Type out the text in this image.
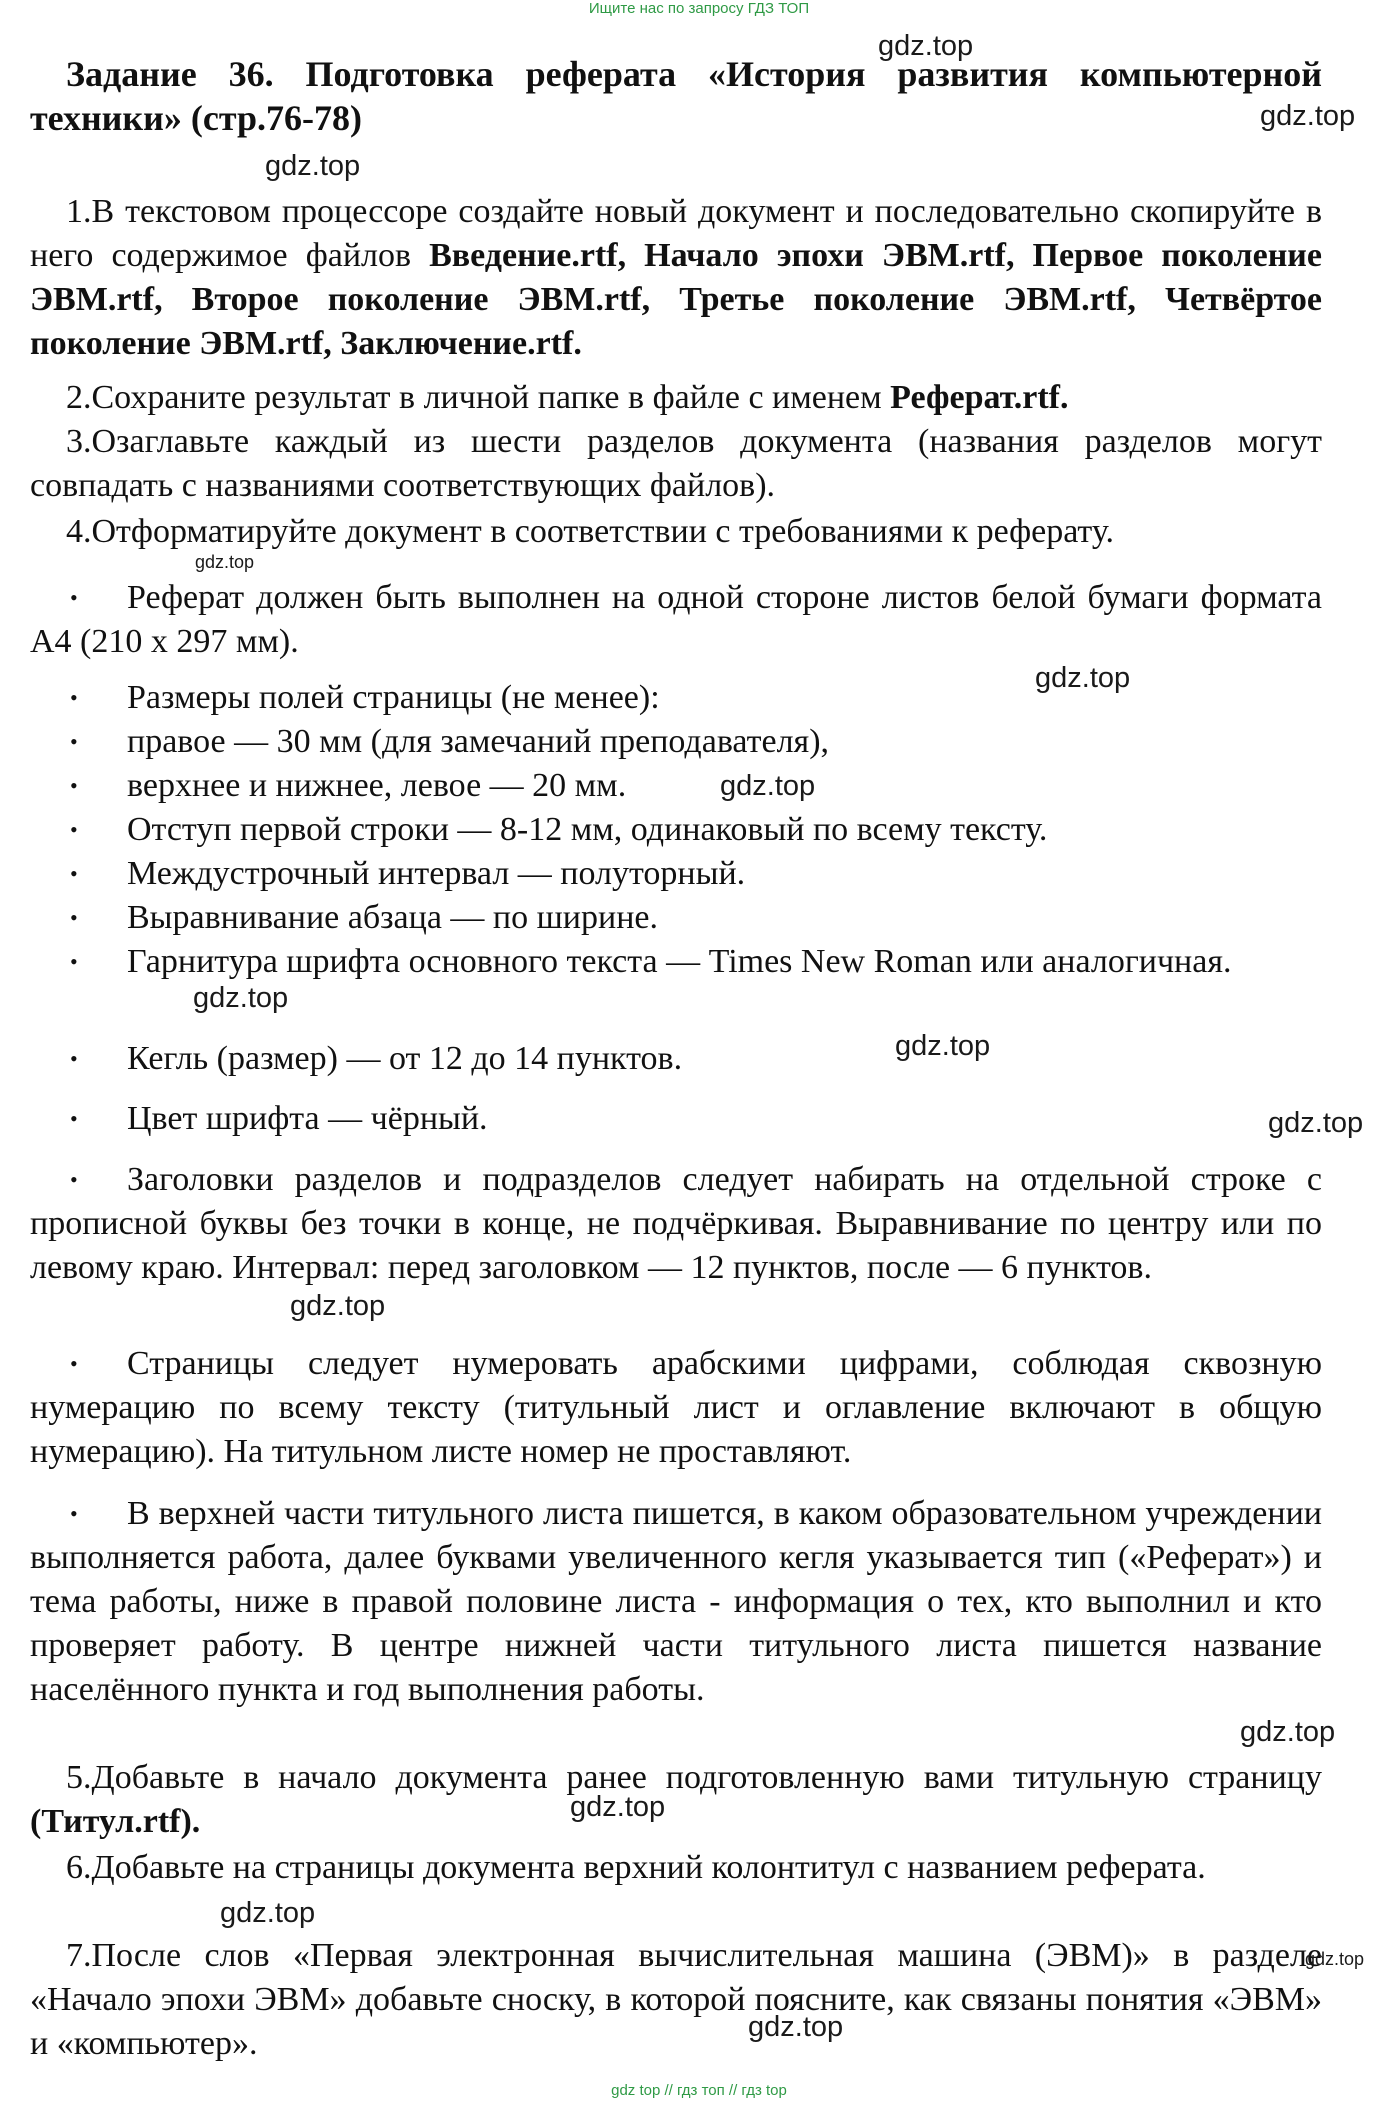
Ищите нас по запросу ГДЗ ТОП
Задание 36. Подготовка реферата «История развития компьютерной техники» (стр.76-78)
1.В текстовом процессоре создайте новый документ и последовательно скопируйте в него содержимое файлов Введение.rtf, Начало эпохи ЭВМ.rtf, Первое поколение ЭВМ.rtf, Второе поколение ЭВМ.rtf, Третье поколение ЭВМ.rtf, Четвёртое поколение ЭВМ.rtf, Заключение.rtf.
2.Сохраните результат в личной папке в файле с именем Реферат.rtf.
3.Озаглавьте каждый из шести разделов документа (названия разделов могут совпадать с названиями соответствующих файлов).
4.Отформатируйте документ в соответствии с требованиями к реферату.
•	Реферат должен быть выполнен на одной стороне листов белой бумаги формата А4 (210 х 297 мм).
• Размеры полей страницы (не менее):
• правое — 30 мм (для замечаний преподавателя),
• верхнее и нижнее, левое — 20 мм.
• Отступ первой строки — 8-12 мм, одинаковый по всему тексту.
• Междустрочный интервал — полуторный.
• Выравнивание абзаца — по ширине.
•	Гарнитура шрифта основного текста — Times New Roman или аналогичная.
• Кегль (размер) — от 12 до 14 пунктов.
• Цвет шрифта — чёрный.
•	Заголовки разделов и подразделов следует набирать на отдельной строке с прописной буквы без точки в конце, не подчёркивая. Выравнивание по центру или по левому краю. Интервал: перед заголовком — 12 пунктов, после — 6 пунктов.
•	Страницы следует нумеровать арабскими цифрами, соблюдая сквозную нумерацию по всему тексту (титульный лист и оглавление включают в общую нумерацию). На титульном листе номер не проставляют.
•	В верхней части титульного листа пишется, в каком образовательном учреждении выполняется работа, далее буквами увеличенного кегля указывается тип («Реферат») и тема работы, ниже в правой половине листа - информация о тех, кто выполнил и кто проверяет работу. В центре нижней части титульного листа пишется название населённого пункта и год выполнения работы.
5.Добавьте в начало документа ранее подготовленную вами титульную страницу (Титул.rtf).
6.Добавьте на страницы документа верхний колонтитул с названием реферата.
7.После слов «Первая электронная вычислительная машина (ЭВМ)» в разделе «Начало эпохи ЭВМ» добавьте сноску, в которой поясните, как связаны понятия «ЭВМ» и «компьютер».
gdz.top
gdz.top
gdz.top
gdz.top
gdz.top
gdz.top
gdz.top
gdz.top
gdz.top
gdz.top
gdz.top
gdz.top
gdz.top
gdz.top
gdz.top
gdz top // гдз топ // гдз top
